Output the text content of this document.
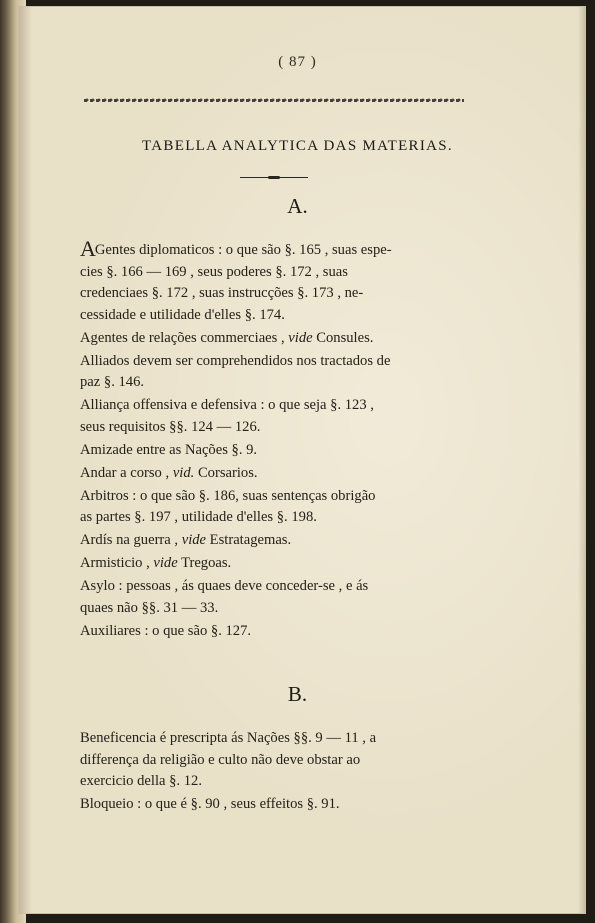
( 87 )
TABELLA ANALYTICA DAS MATERIAS.
A.

AGentes diplomaticos : o que são §. 165 , suas espe-
cies §. 166 — 169 , seus poderes §. 172 , suas
credenciaes §. 172 , suas instrucções §. 173 , ne-
cessidade e utilidade d'elles §. 174.

Agentes de relações commerciaes , vide Consules.

Alliados devem ser comprehendidos nos tractados de
paz §. 146.

Alliança offensiva e defensiva : o que seja §. 123 ,
seus requisitos §§. 124 — 126.

Amizade entre as Nações §. 9.

Andar a corso , vid. Corsarios.

Arbitros : o que são §. 186, suas sentenças obrigão
as partes §. 197 , utilidade d'elles §. 198.

Ardís na guerra , vide Estratagemas.

Armisticio , vide Tregoas.

Asylo : pessoas , ás quaes deve conceder-se , e ás
quaes não §§. 31 — 33.

Auxiliares : o que são §. 127.

B.

Beneficencia é prescripta ás Nações §§. 9 — 11 , a
differença da religião e culto não deve obstar ao
exercicio della §. 12.

Bloqueio : o que é §. 90 , seus effeitos §. 91.
